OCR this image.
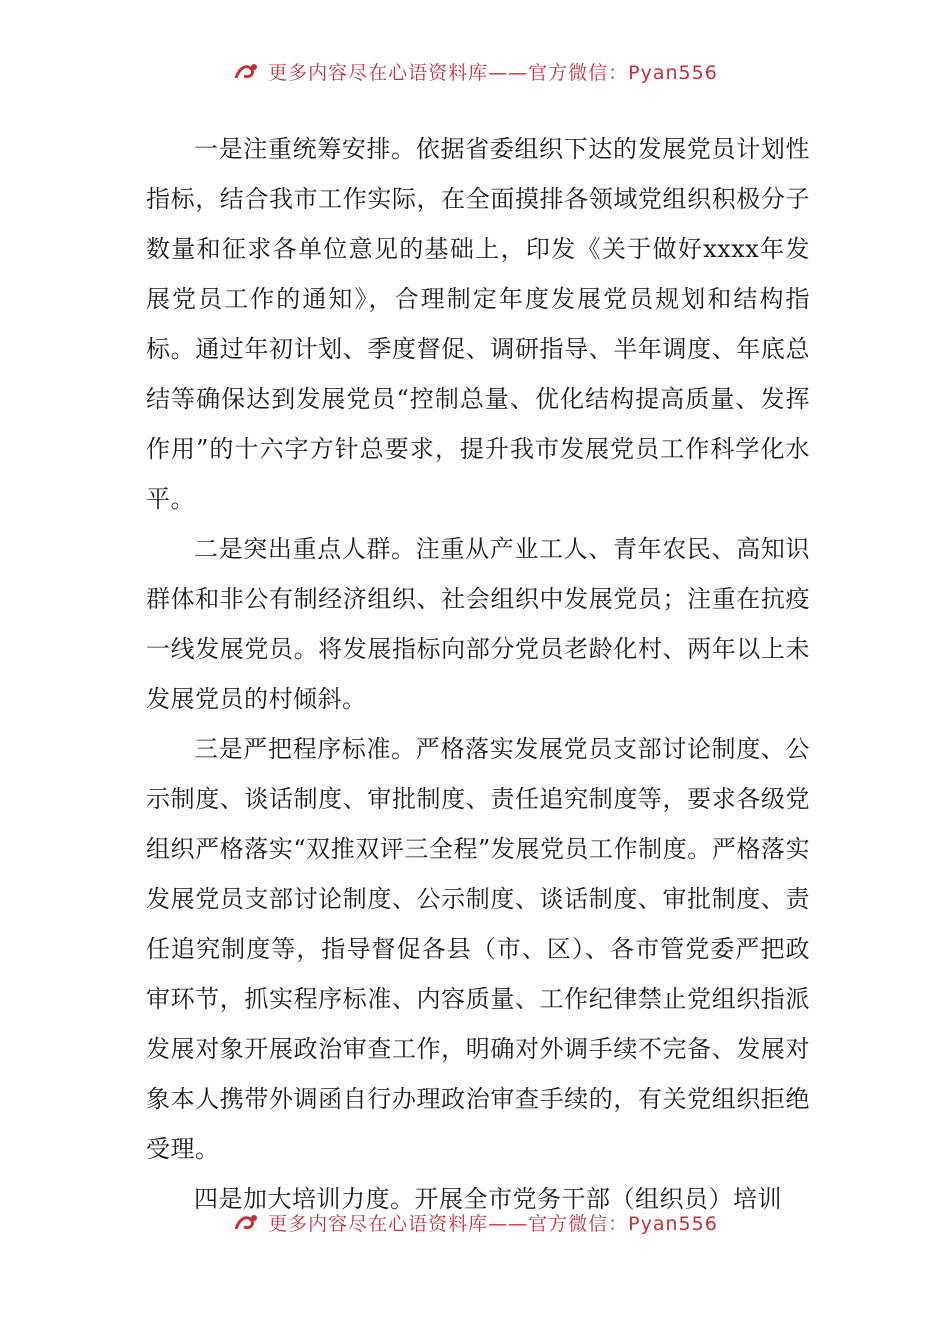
更多内容尽在心语资料库——官方微信：Pyan556

一是注重统筹安排。依据省委组织下达的发展党员计划性指标，结合我市工作实际，在全面摸排各领域党组织积极分子数量和征求各单位意见的基础上，印发《关于做好xxxx年发展党员工作的通知》，合理制定年度发展党员规划和结构指标。通过年初计划、季度督促、调研指导、半年调度、年底总结等确保达到发展党员“控制总量、优化结构提高质量、发挥作用”的十六字方针总要求，提升我市发展党员工作科学化水平。

二是突出重点人群。注重从产业工人、青年农民、高知识群体和非公有制经济组织、社会组织中发展党员；注重在抗疫一线发展党员。将发展指标向部分党员老龄化村、两年以上未发展党员的村倾斜。

三是严把程序标准。严格落实发展党员支部讨论制度、公示制度、谈话制度、审批制度、责任追究制度等，要求各级党组织严格落实“双推双评三全程”发展党员工作制度。严格落实发展党员支部讨论制度、公示制度、谈话制度、审批制度、责任追究制度等，指导督促各县（市、区）、各市管党委严把政审环节，抓实程序标准、内容质量、工作纪律禁止党组织指派发展对象开展政治审查工作，明确对外调手续不完备、发展对象本人携带外调函自行办理政治审查手续的，有关党组织拒绝受理。

四是加大培训力度。开展全市党务干部（组织员）培训

更多内容尽在心语资料库——官方微信：Pyan556
